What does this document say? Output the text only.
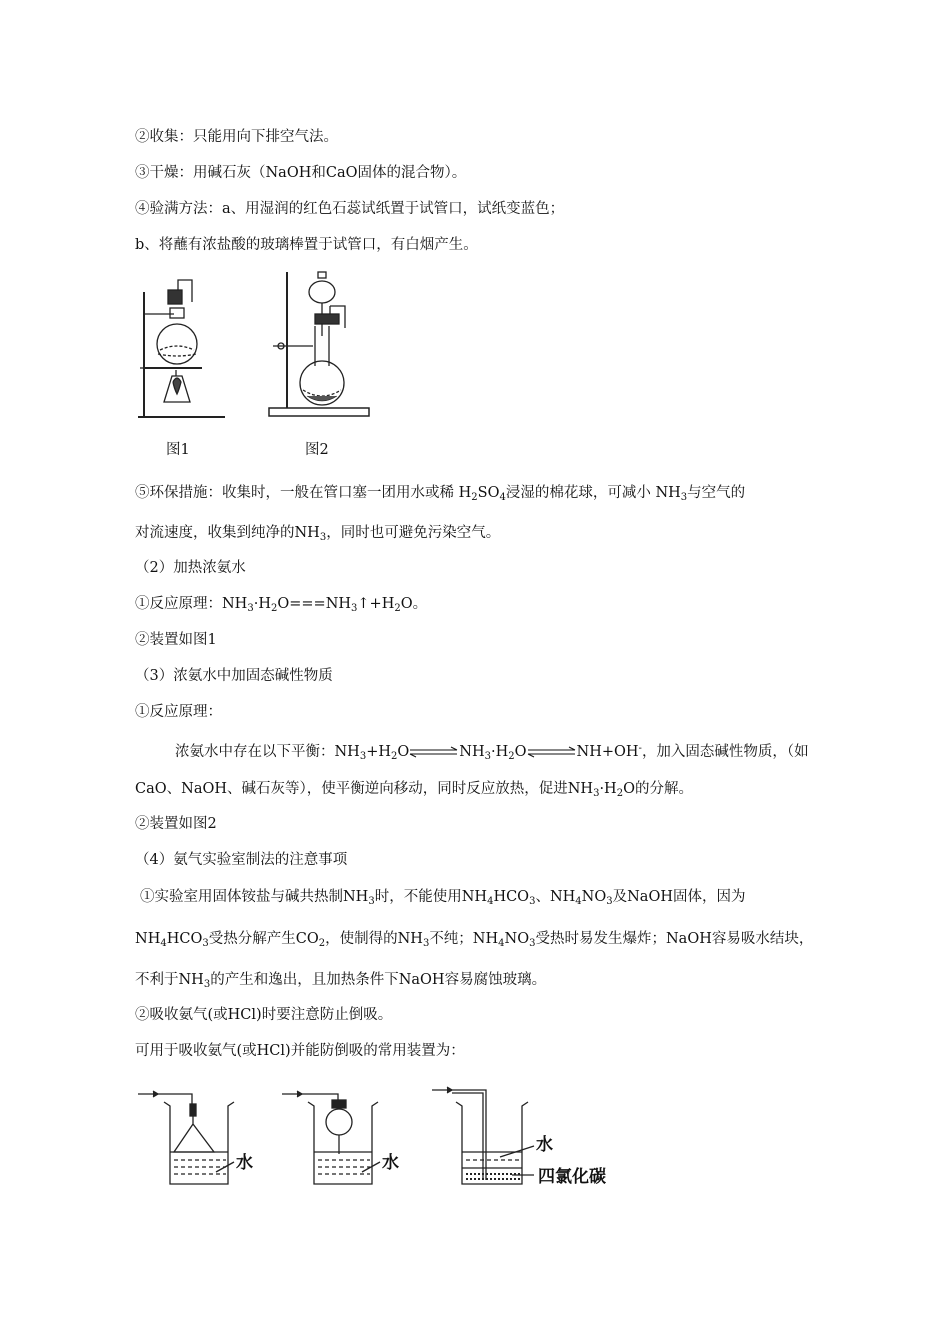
②收集：只能用向下排空气法。
③干燥：用碱石灰（NaOH和CaO固体的混合物）。
④验满方法：a、用湿润的红色石蕊试纸置于试管口，试纸变蓝色；
b、将蘸有浓盐酸的玻璃棒置于试管口，有白烟产生。
图1	图2
⑤环保措施：收集时，一般在管口塞一团用水或稀 $H_2SO_4$浸湿的棉花球，可减小 $NH_3$与空气的
对流速度，收集到纯净的$NH_3$，同时也可避免污染空气。
（2）加热浓氨水
①反应原理：$NH_3\cdot H_2O===NH_3↑+H_2O$。
②装置如图1
（3）浓氨水中加固态碱性物质
①反应原理：
浓氨水中存在以下平衡：$NH_3+H_2O\rightleftharpoons NH_3\cdot H_2O\rightleftharpoons NH+OH^-$，加入固态碱性物质，（如
CaO、NaOH、碱石灰等），使平衡逆向移动，同时反应放热，促进$NH_3\cdot H_2O$的分解。
②装置如图2
（4）氨气实验室制法的注意事项
①实验室用固体铵盐与碱共热制$NH_3$时，不能使用$NH_4HCO_3$、$NH_4NO_3$及NaOH固体，因为
$NH_4HCO_3$受热分解产生$CO_2$，使制得的$NH_3$不纯；$NH_4NO_3$受热时易发生爆炸；NaOH容易吸水结块，
不利于$NH_3$的产生和逸出，且加热条件下NaOH容易腐蚀玻璃。
②吸收氨气(或HCl)时要注意防止倒吸。
可用于吸收氨气(或HCl)并能防倒吸的常用装置为：
水	水
水
四氯化碳
